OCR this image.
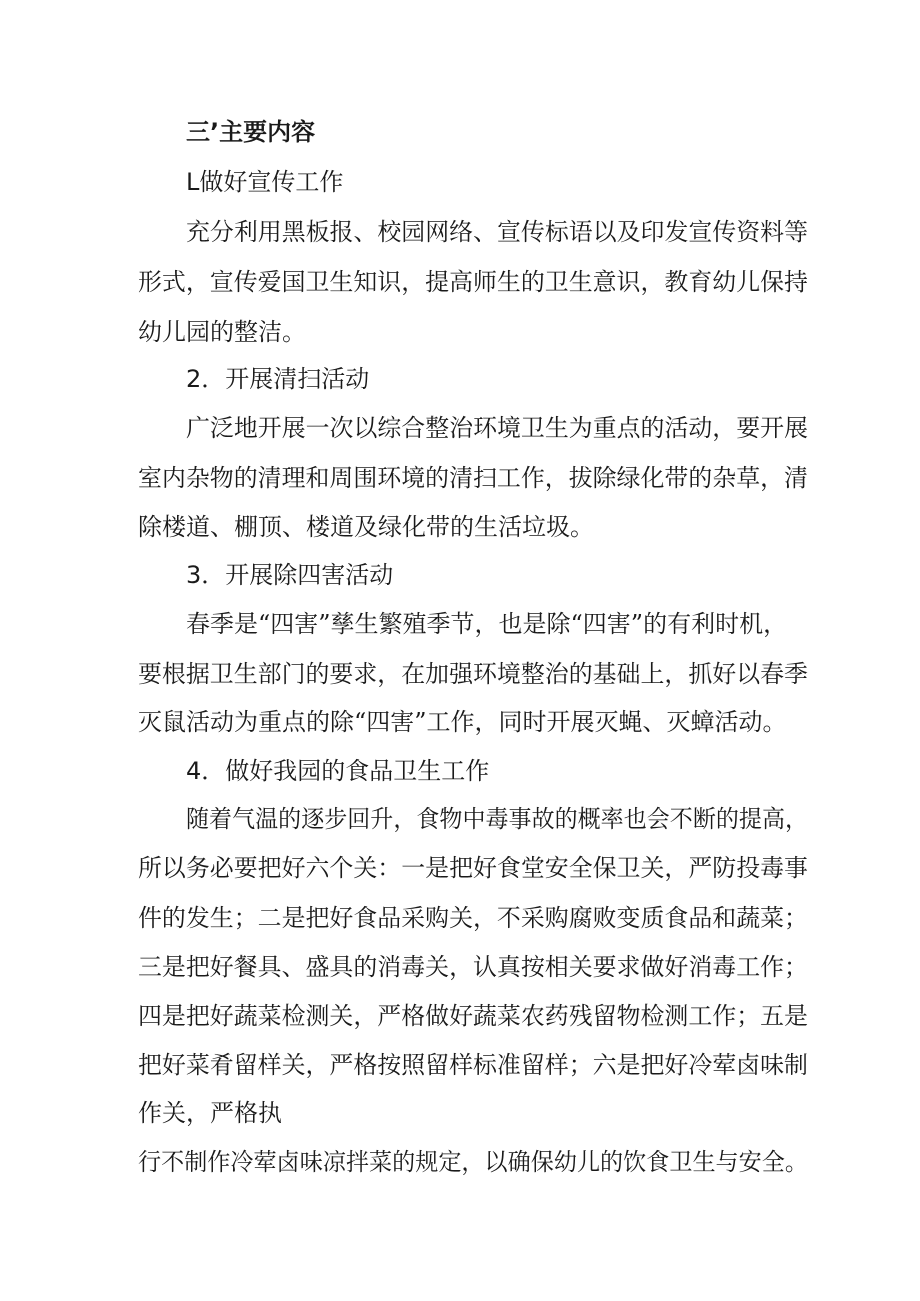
三’主要内容
L做好宣传工作
充分利用黑板报、校园网络、宣传标语以及印发宣传资料等
形式，宣传爱国卫生知识，提高师生的卫生意识，教育幼儿保持
幼儿园的整洁。
2．开展清扫活动
广泛地开展一次以综合整治环境卫生为重点的活动，要开展
室内杂物的清理和周围环境的清扫工作，拔除绿化带的杂草，清
除楼道、棚顶、楼道及绿化带的生活垃圾。
3．开展除四害活动
春季是“四害”孳生繁殖季节，也是除“四害”的有利时机，
要根据卫生部门的要求，在加强环境整治的基础上，抓好以春季
灭鼠活动为重点的除“四害”工作，同时开展灭蝇、灭蟑活动。
4．做好我园的食品卫生工作
随着气温的逐步回升，食物中毒事故的概率也会不断的提高，
所以务必要把好六个关：一是把好食堂安全保卫关，严防投毒事
件的发生；二是把好食品采购关，不采购腐败变质食品和蔬菜；
三是把好餐具、盛具的消毒关，认真按相关要求做好消毒工作；
四是把好蔬菜检测关，严格做好蔬菜农药残留物检测工作；五是
把好菜肴留样关，严格按照留样标准留样；六是把好冷荤卤味制
作关，严格执
行不制作冷荤卤味凉拌菜的规定，以确保幼儿的饮食卫生与安全。
